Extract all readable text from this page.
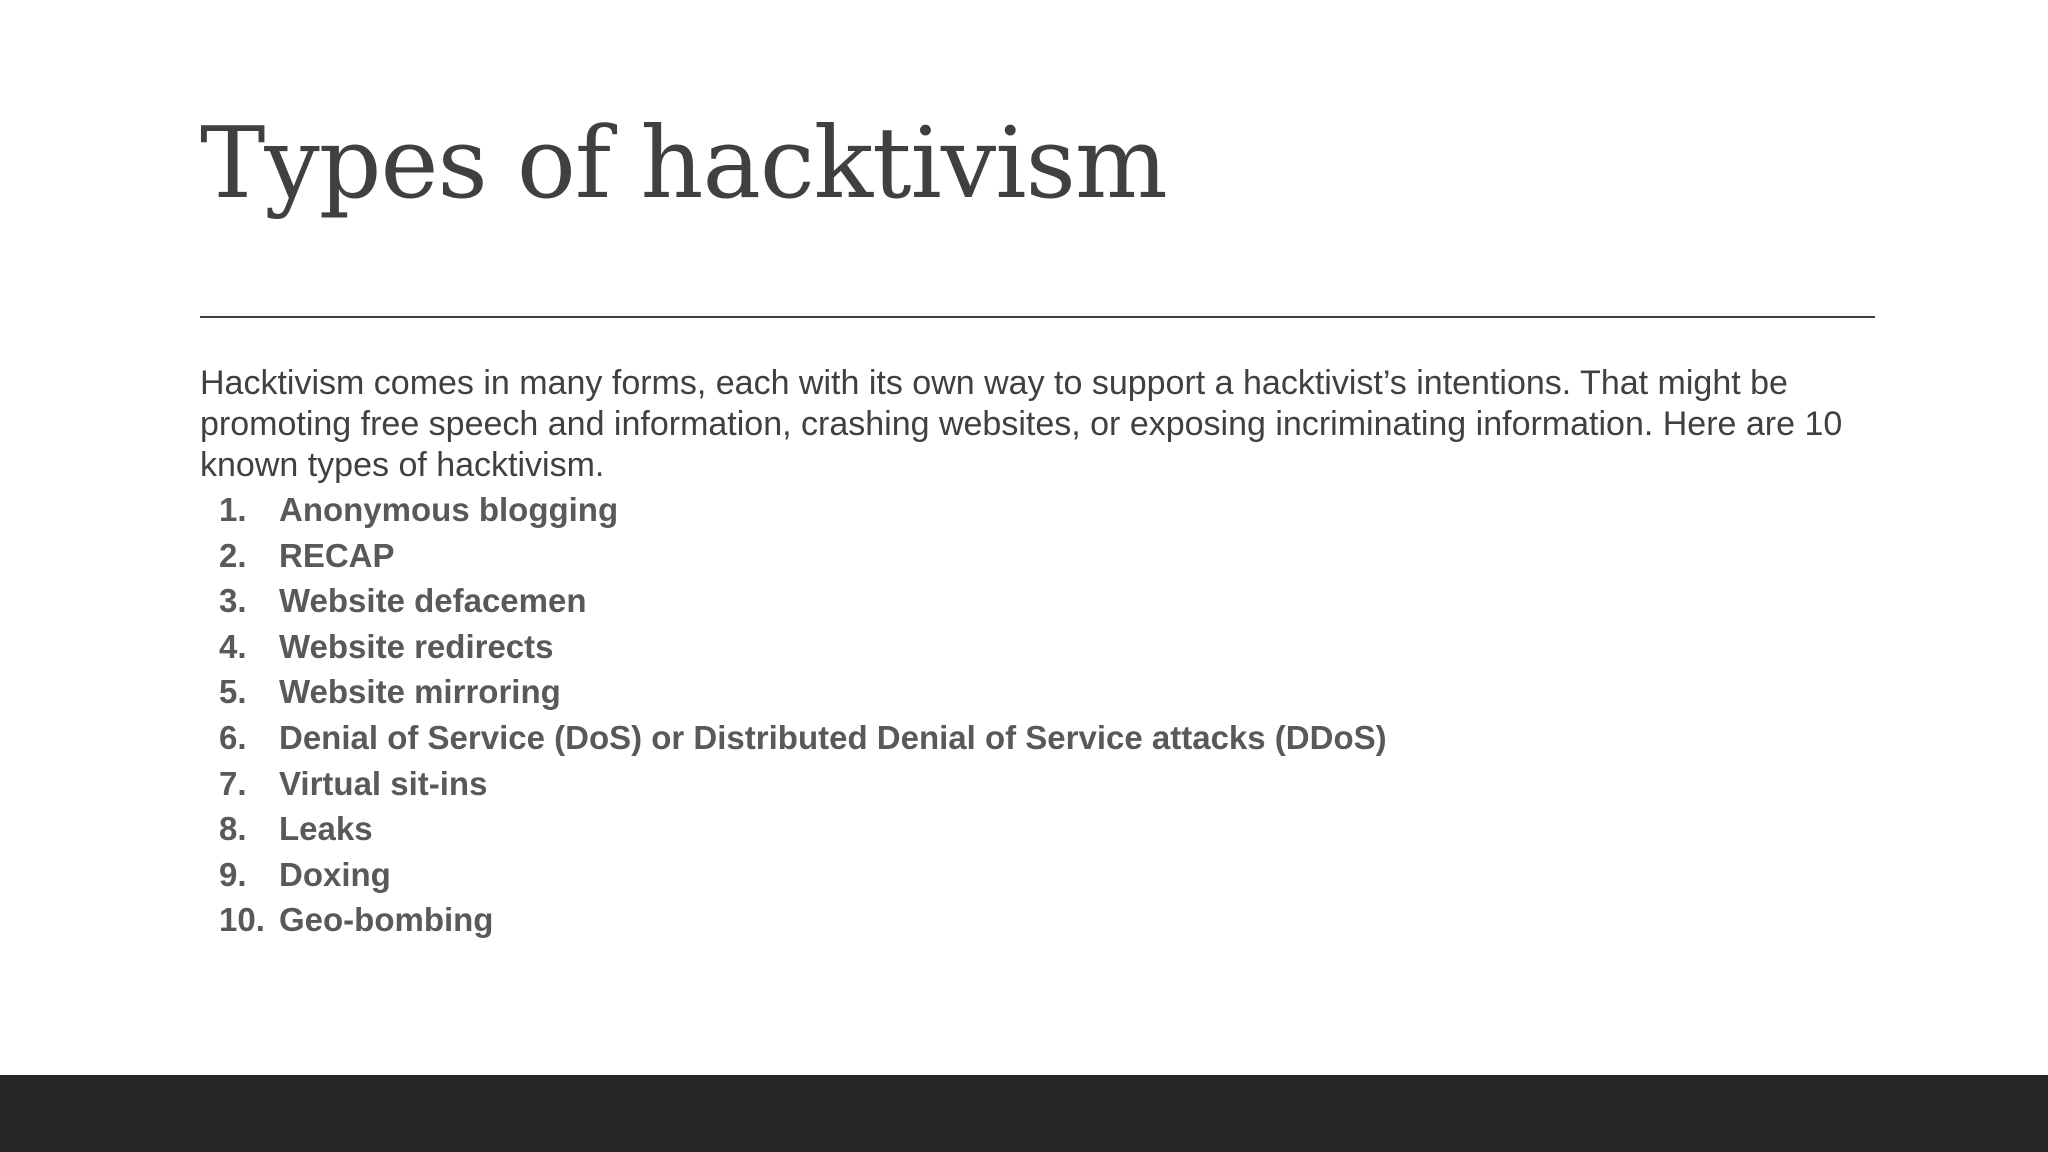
Types of hacktivism

Hacktivism comes in many forms, each with its own way to support a hacktivist’s intentions. That might be promoting free speech and information, crashing websites, or exposing incriminating information. Here are 10 known types of hacktivism.

1. Anonymous blogging
2. RECAP
3. Website defacemen
4. Website redirects
5. Website mirroring
6. Denial of Service (DoS) or Distributed Denial of Service attacks (DDoS)
7. Virtual sit-ins
8. Leaks
9. Doxing
10. Geo-bombing
